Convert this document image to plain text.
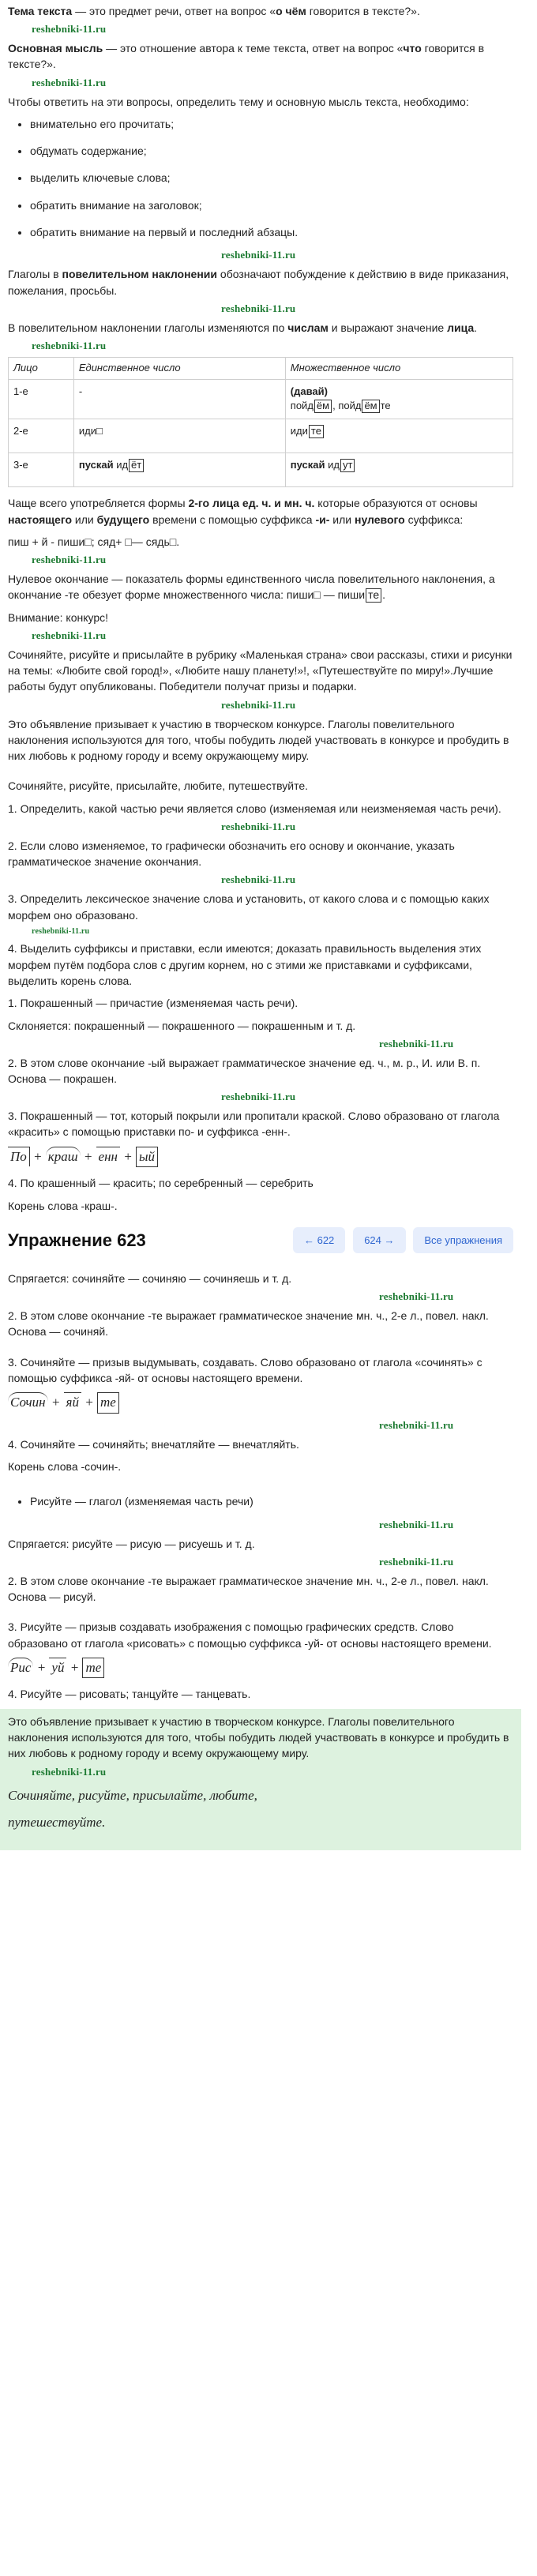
Тема текста — это предмет речи, ответ на вопрос «о чём говорится в тексте?».

reshebniki-11.ru

Основная мысль — это отношение автора к теме текста, ответ на вопрос «что говорится в тексте?».

reshebniki-11.ru

Чтобы ответить на эти вопросы, определить тему и основную мысль текста, необходимо:

• внимательно его прочитать;
• обдумать содержание;
• выделить ключевые слова;
• обратить внимание на заголовок;
• обратить внимание на первый и последний абзацы.
reshebniki-11.ru

Глаголы в повелительном наклонении обозначают побуждение к действию в виде приказания, пожелания, просьбы.

reshebniki-11.ru

В повелительном наклонении глаголы изменяются по числам и выражают значение лица.

reshebniki-11.ru
Лицо	Единственное число	Множественное число
1-е	-	(давай)
пойд ём , пойд ём те
2-е	иди□	иди те
3-е	пускай ид ёт	пускай ид ут

Чаще всего употребляется формы 2-го лица ед. ч. и мн. ч. которые образуются от основы настоящего или будущего времени с помощью суффикса -и- или нулевого суффикса:

пиш + й - пиши□; сяд+ □— сядь□.

reshebniki-11.ru

Нулевое окончание — показатель формы единственного числа повелительного наклонения, а окончание -те обезует форме множественного числа: пиши□ — пиши те .

Внимание: конкурс!

reshebniki-11.ru

Сочиняйте, рисуйте и присылайте в рубрику «Маленькая страна» свои рассказы, стихи и рисунки на темы: «Любите свой город!», «Любите нашу планету!»!, «Путешествуйте по миру!».Лучшие работы будут опубликованы. Победители получат призы и подарки.

reshebniki-11.ru

Это объявление призывает к участию в творческом конкурсе. Глаголы повелительного наклонения используются для того, чтобы побудить людей участвовать в конкурсе и пробудить в них любовь к родному городу и всему окружающему миру.

Сочиняйте, рисуйте, присылайте, любите, путешествуйте.

1. Определить, какой частью речи является слово (изменяемая или неизменяемая часть речи).

reshebniki-11.ru

2. Если слово изменяемое, то графически обозначить его основу и окончание, указать грамматическое значение окончания.

reshebniki-11.ru

3. Определить лексическое значение слова и установить, от какого слова и с помощью каких морфем оно образовано.

reshebniki-11.ru

4. Выделить суффиксы и приставки, если имеются; доказать правильность выделения этих морфем путём подбора слов с другим корнем, но с этими же приставками и суффиксами, выделить корень слова.

1. Покрашенный — причастие (изменяемая часть речи).

Склоняется: покрашенный — покрашенного — покрашенным и т. д.

reshebniki-11.ru

2. В этом слове окончание -ый выражает грамматическое значение ед. ч., м. р., И. или В. п. Основа — покрашен.

reshebniki-11.ru

3. Покрашенный — тот, который покрыли или пропитали краской. Слово образовано от глагола «красить» с помощью приставки по- и суффикса -енн-.

По + краш + енн + ый

4. По крашенный — красить; по серебренный — серебрить

Корень слова -краш-.

Упражнение 623	← 622	624 →	Все упражнения

Спрягается: сочиняйте — сочиняю — сочиняешь и т. д.

reshebniki-11.ru

2. В этом слове окончание -те выражает грамматическое значение мн. ч., 2-е л., повел. накл. Основа — сочиняй.

3. Сочиняйте — призыв выдумывать, создавать. Слово образовано от глагола «сочинять» с помощью суффикса -яй- от основы настоящего времени.

Сочин + яй + те
reshebniki-11.ru

4. Сочиняйте — сочиняйть; внечатляйте — внечатляйть.

Корень слова -сочин-.

• Рисуйте — глагол (изменяемая часть речи)
reshebniki-11.ru

Спрягается: рисуйте — рисую — рисуешь и т. д.

reshebniki-11.ru

2. В этом слове окончание -те выражает грамматическое значение мн. ч., 2-е л., повел. накл. Основа — рисуй.

3. Рисуйте — призыв создавать изображения с помощью графических средств. Слово образовано от глагола «рисовать» с помощью суффикса -уй- от основы настоящего времени.

Рис + уй + те

4. Рисуйте — рисовать; танцуйте — танцевать.

Это объявление призывает к участию в творческом конкурсе. Глаголы повелительного наклонения используются для того, чтобы побудить людей участвовать в конкурсе и пробудить в них любовь к родному городу и всему окружающему миру.

reshebniki-11.ru

Сочиняйте, рисуйте, присылайте, любите,

путешествуйте.
